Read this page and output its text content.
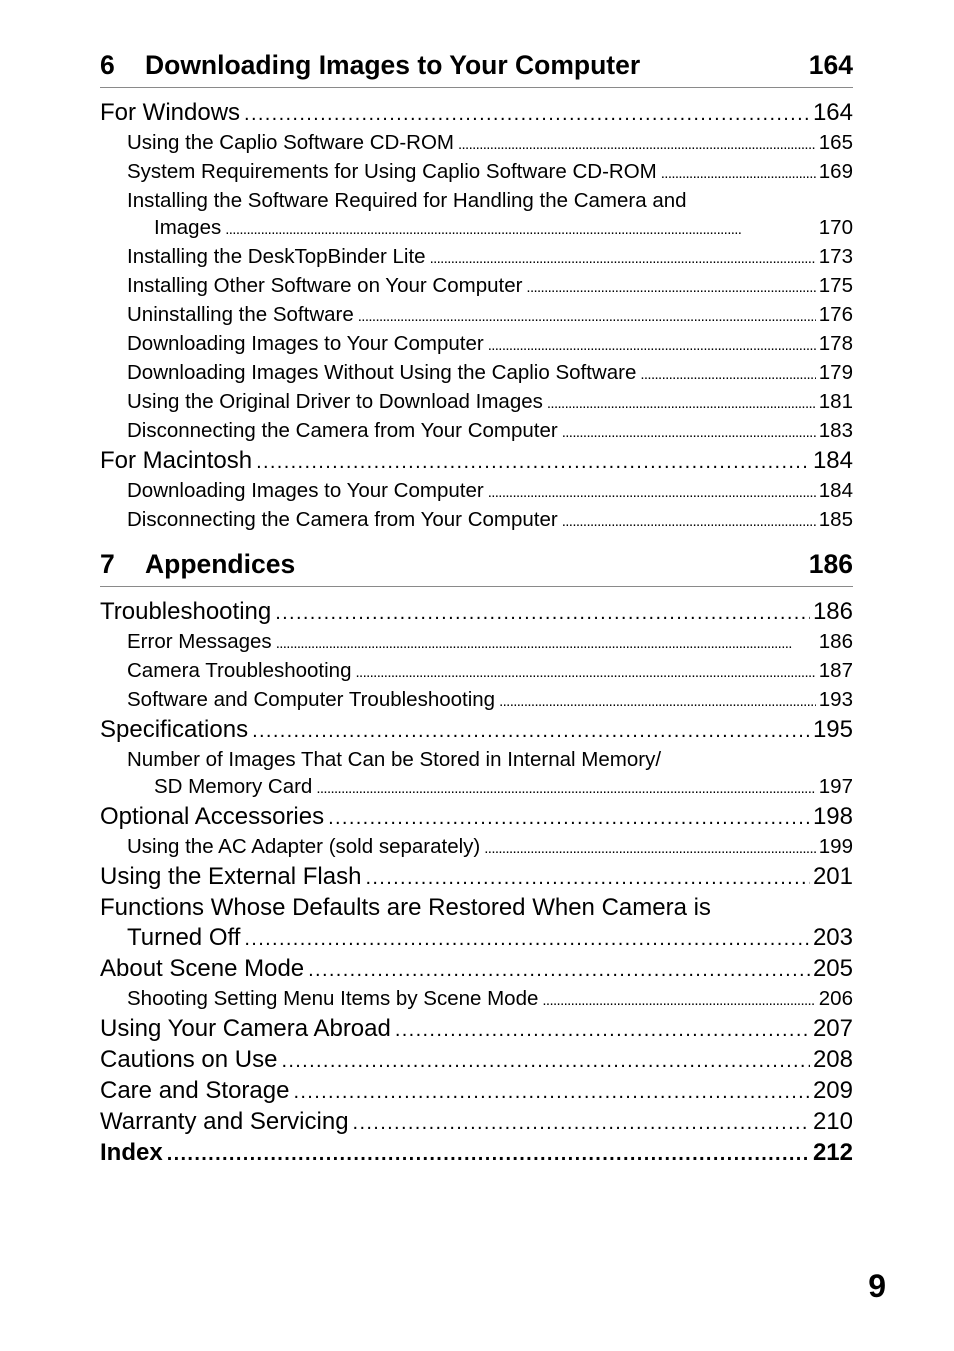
6 Downloading Images to Your Computer	164
For Windows . . .	164
Using the Caplio Software CD-ROM . . .	165
System Requirements for Using Caplio Software CD-ROM . . .	169
Installing the Software Required for Handling the Camera and
Images . . .	170
Installing the DeskTopBinder Lite . . .	173
Installing Other Software on Your Computer . . .	175
Uninstalling the Software . . .	176
Downloading Images to Your Computer . . .	178
Downloading Images Without Using the Caplio Software . . .	179
Using the Original Driver to Download Images . . .	181
Disconnecting the Camera from Your Computer . . .	183
For Macintosh . . .	184
Downloading Images to Your Computer . . .	184
Disconnecting the Camera from Your Computer . . .	185
7 Appendices	186
Troubleshooting . . .	186
Error Messages . . .	186
Camera Troubleshooting . . .	187
Software and Computer Troubleshooting . . .	193
Specifications . . .	195
Number of Images That Can be Stored in Internal Memory/
SD Memory Card . . .	197
Optional Accessories . . .	198
Using the AC Adapter (sold separately) . . .	199
Using the External Flash . . .	201
Functions Whose Defaults are Restored When Camera is
Turned Off . . .	203
About Scene Mode . . .	205
Shooting Setting Menu Items by Scene Mode . . .	206
Using Your Camera Abroad . . .	207
Cautions on Use . . .	208
Care and Storage . . .	209
Warranty and Servicing . . .	210
Index . . .	212
9
